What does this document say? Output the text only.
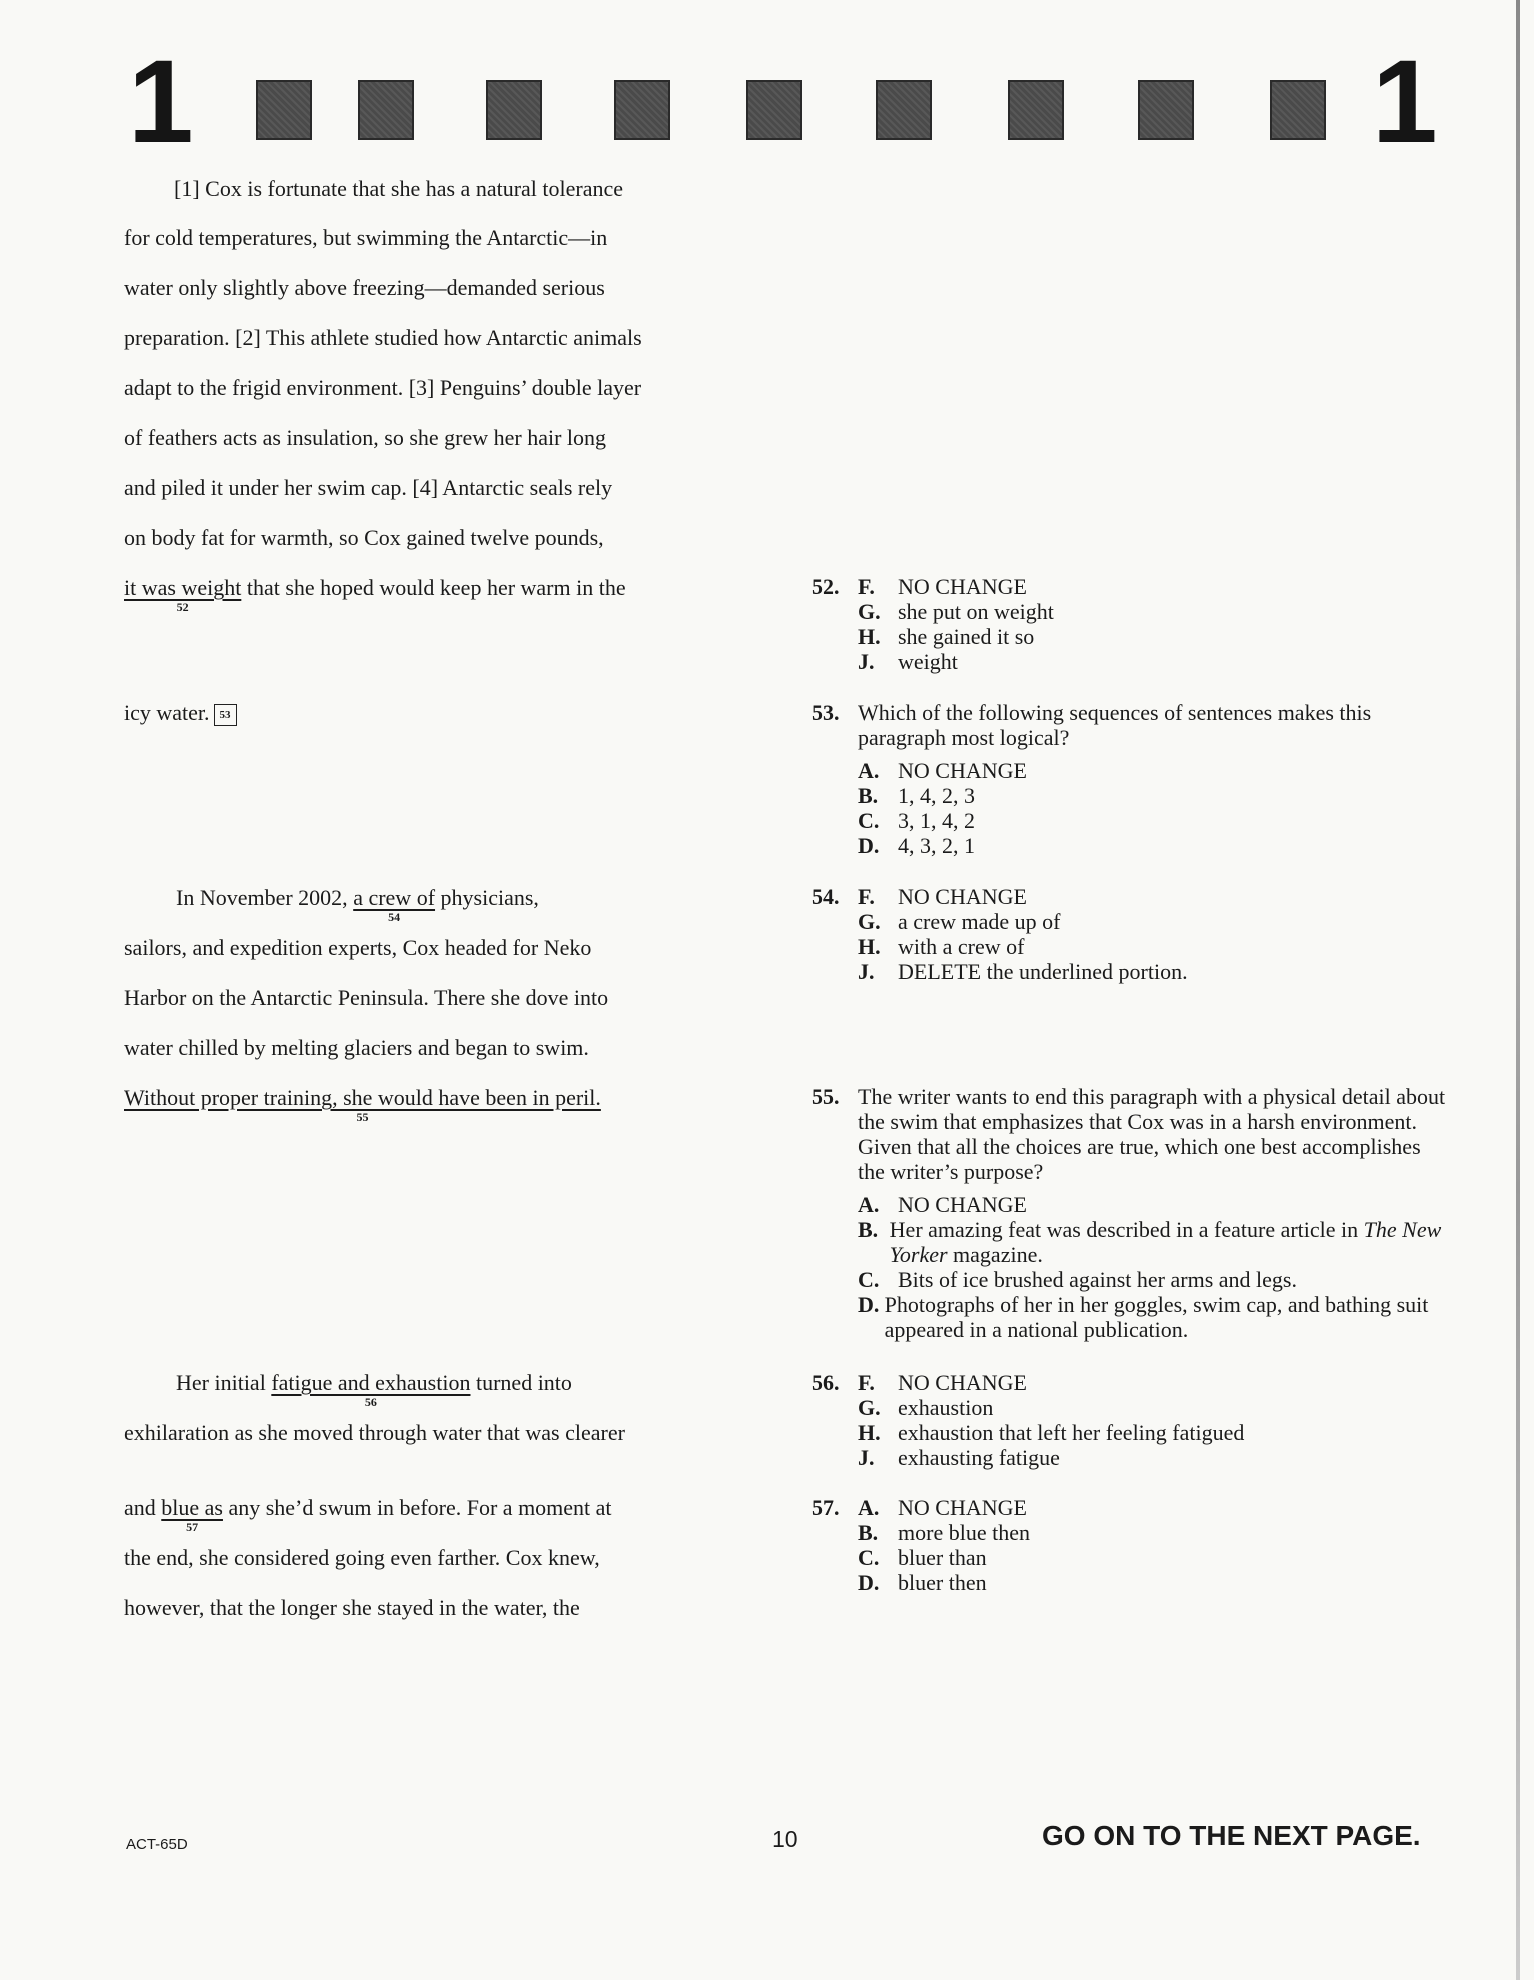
1	1
[1] Cox is fortunate that she has a natural tolerance
for cold temperatures, but swimming the Antarctic—in
water only slightly above freezing—demanded serious
preparation. [2] This athlete studied how Antarctic animals
adapt to the frigid environment. [3] Penguins’ double layer
of feathers acts as insulation, so she grew her hair long
and piled it under her swim cap. [4] Antarctic seals rely
on body fat for warmth, so Cox gained twelve pounds,
it was weight
52
that she hoped would keep her warm in the
icy water. 53
In November 2002, a crew of
54
physicians,
sailors, and expedition experts, Cox headed for Neko
Harbor on the Antarctic Peninsula. There she dove into
water chilled by melting glaciers and began to swim.
Without proper training, she would have been in peril.
55
Her initial fatigue and exhaustion
56
turned into
exhilaration as she moved through water that was clearer
and blue as
57
any she’d swum in before. For a moment at
the end, she considered going even farther. Cox knew,
however, that the longer she stayed in the water, the
52. F.	NO CHANGE
G. she put on weight
H. she gained it so
J.	weight
53. Which of the following sequences of sentences makes this paragraph most logical?
A. NO CHANGE
B. 1, 4, 2, 3
C. 3, 1, 4, 2
D. 4, 3, 2, 1
54. F.	NO CHANGE
G. a crew made up of
H. with a crew of
J.	DELETE the underlined portion.
55. The writer wants to end this paragraph with a physical detail about the swim that emphasizes that Cox was in a harsh environment. Given that all the choices are true, which one best accomplishes the writer’s purpose?
A. NO CHANGE
B. Her amazing feat was described in a feature article in The New Yorker magazine.
C. Bits of ice brushed against her arms and legs.
D. Photographs of her in her goggles, swim cap, and bathing suit appeared in a national publication.
56. F.	NO CHANGE
G. exhaustion
H. exhaustion that left her feeling fatigued
J.	exhausting fatigue
57. A. NO CHANGE
B. more blue then
C. bluer than
D. bluer then
ACT-65D	10	GO ON TO THE NEXT PAGE.
